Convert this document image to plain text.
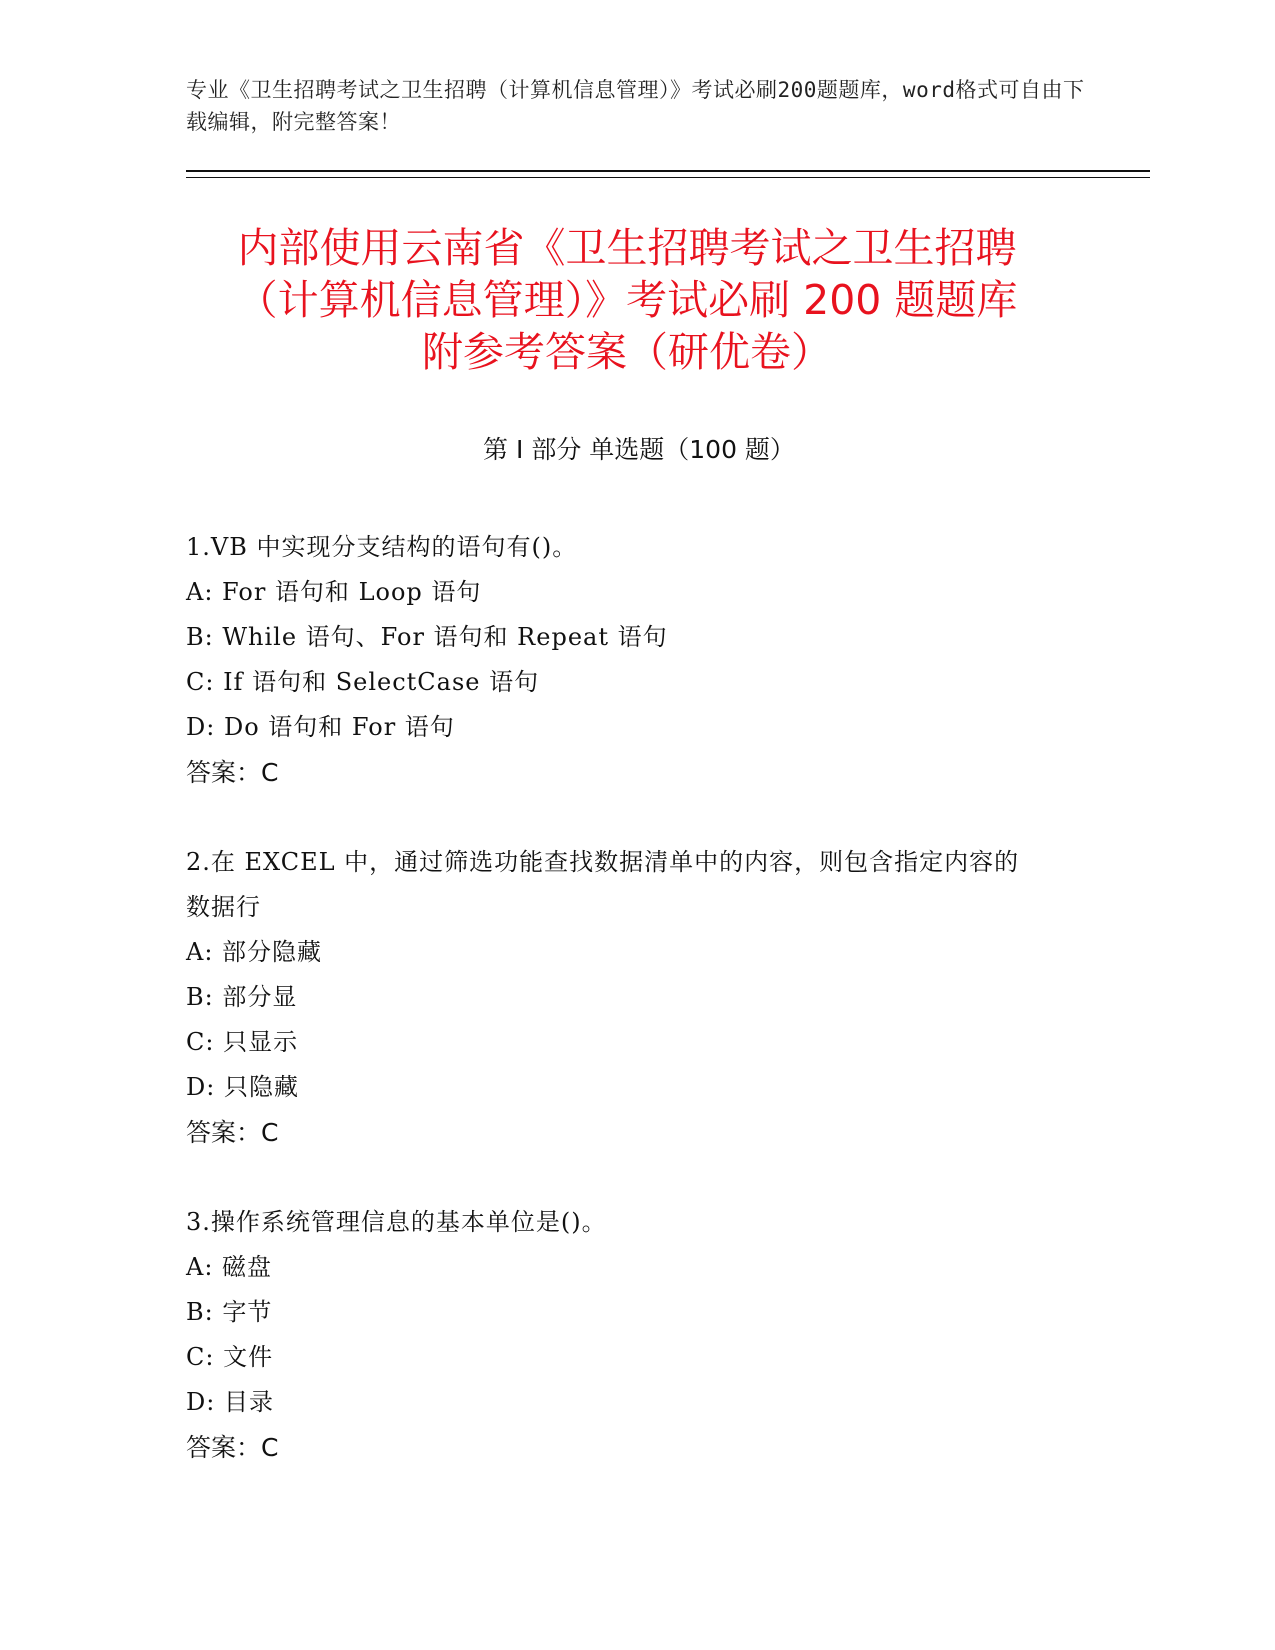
专业《卫生招聘考试之卫生招聘（计算机信息管理）》考试必刷200题题库，word格式可自由下载编辑，附完整答案！
内部使用云南省《卫生招聘考试之卫生招聘
（计算机信息管理）》考试必刷 200 题题库
附参考答案（研优卷）
第 I 部分 单选题（100 题）
1.VB 中实现分支结构的语句有()。
A: For 语句和 Loop 语句
B: While 语句、For 语句和 Repeat 语句
C: If 语句和 SelectCase 语句
D: Do 语句和 For 语句
答案：C
2.在 EXCEL 中，通过筛选功能查找数据清单中的内容，则包含指定内容的数据行
A: 部分隐藏
B: 部分显
C: 只显示
D: 只隐藏
答案：C
3.操作系统管理信息的基本单位是()。
A: 磁盘
B: 字节
C: 文件
D: 目录
答案：C
